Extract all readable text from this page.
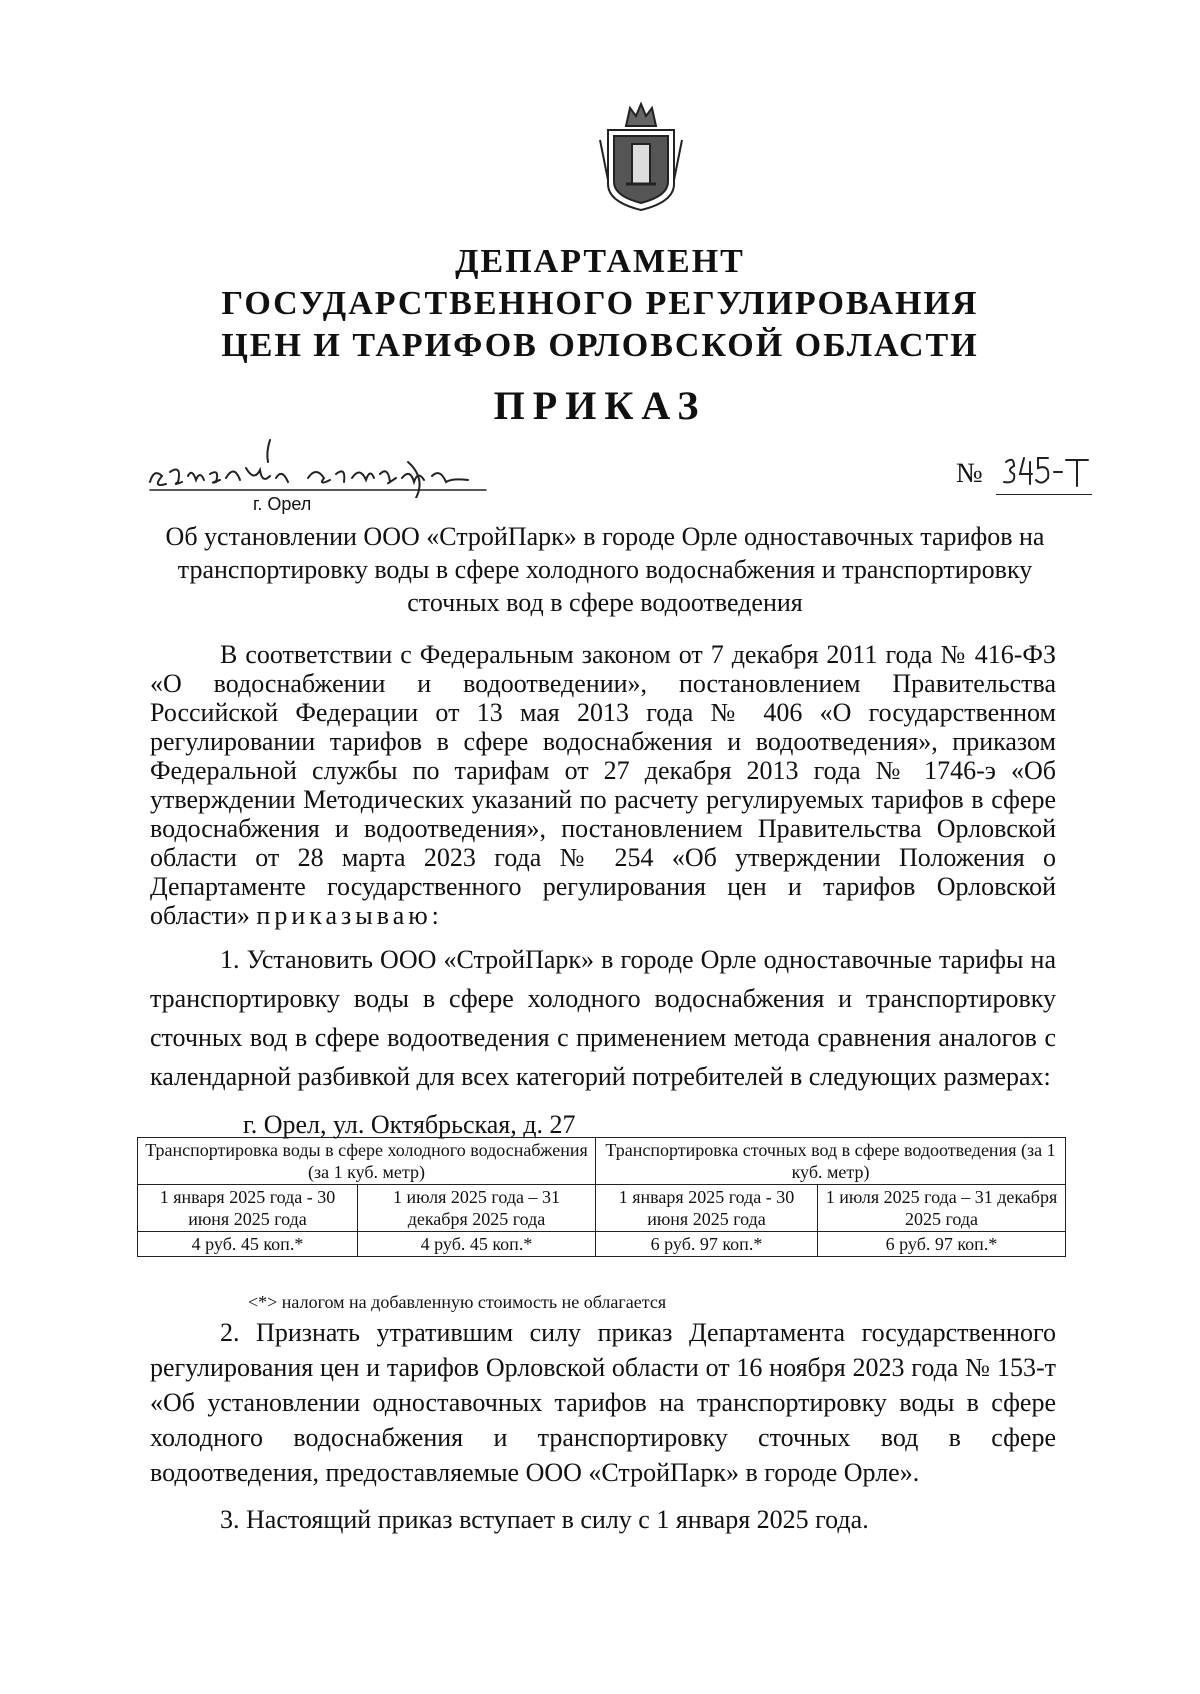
ДЕПАРТАМЕНТ
ГОСУДАРСТВЕННОГО РЕГУЛИРОВАНИЯ
ЦЕН И ТАРИФОВ ОРЛОВСКОЙ ОБЛАСТИ
ПРИКАЗ
№
г. Орел
Об установлении ООО «СтройПарк» в городе Орле одноставочных тарифов на транспортировку воды в сфере холодного водоснабжения и транспортировку сточных вод в сфере водоотведения
В соответствии с Федеральным законом от 7 декабря 2011 года № 416-ФЗ «О водоснабжении и водоотведении», постановлением Правительства Российской Федерации от 13 мая 2013 года № 406 «О государственном регулировании тарифов в сфере водоснабжения и водоотведения», приказом Федеральной службы по тарифам от 27 декабря 2013 года № 1746-э «Об утверждении Методических указаний по расчету регулируемых тарифов в сфере водоснабжения и водоотведения», постановлением Правительства Орловской области от 28 марта 2023 года № 254 «Об утверждении Положения о Департаменте государственного регулирования цен и тарифов Орловской области» приказываю:
1. Установить ООО «СтройПарк» в городе Орле одноставочные тарифы на транспортировку воды в сфере холодного водоснабжения и транспортировку сточных вод в сфере водоотведения с применением метода сравнения аналогов с календарной разбивкой для всех категорий потребителей в следующих размерах:
г. Орел, ул. Октябрьская, д. 27
Транспортировка воды в сфере холодного водоснабжения (за 1 куб. метр)		Транспортировка сточных вод в сфере водоотведения (за 1 куб. метр)	
1 января 2025 года - 30 июня 2025 года	1 июля 2025 года – 31 декабря 2025 года	1 января 2025 года - 30 июня 2025 года	1 июля 2025 года – 31 декабря 2025 года
4 руб. 45 коп.*	4 руб. 45 коп.*	6 руб. 97 коп.*	6 руб. 97 коп.*
<*> налогом на добавленную стоимость не облагается
2. Признать утратившим силу приказ Департамента государственного регулирования цен и тарифов Орловской области от 16 ноября 2023 года № 153-т «Об установлении одноставочных тарифов на транспортировку воды в сфере холодного водоснабжения и транспортировку сточных вод в сфере водоотведения, предоставляемые ООО «СтройПарк» в городе Орле».
3. Настоящий приказ вступает в силу с 1 января 2025 года.
